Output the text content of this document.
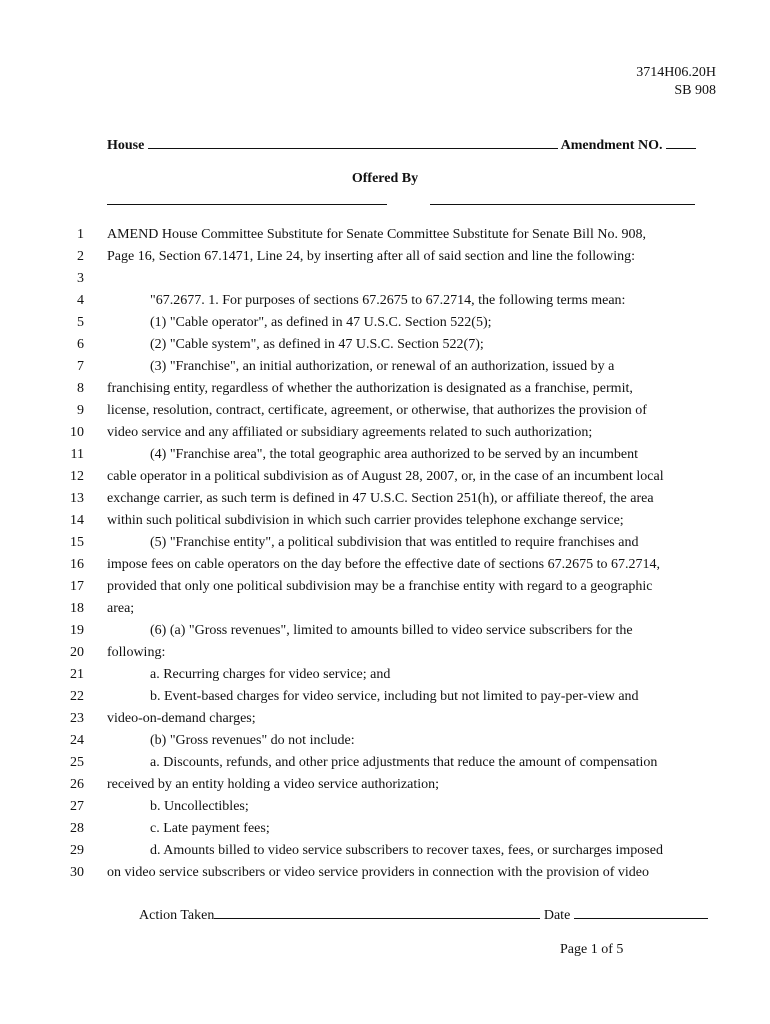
3714H06.20H
SB 908
House	Amendment NO.
Offered By
1 AMEND House Committee Substitute for Senate Committee Substitute for Senate Bill No. 908,
2 Page 16, Section 67.1471, Line 24, by inserting after all of said section and line the following:
3
4	"67.2677. 1. For purposes of sections 67.2675 to 67.2714, the following terms mean:
5	(1) "Cable operator", as defined in 47 U.S.C. Section 522(5);
6	(2) "Cable system", as defined in 47 U.S.C. Section 522(7);
7	(3) "Franchise", an initial authorization, or renewal of an authorization, issued by a
8 franchising entity, regardless of whether the authorization is designated as a franchise, permit,
9 license, resolution, contract, certificate, agreement, or otherwise, that authorizes the provision of
10 video service and any affiliated or subsidiary agreements related to such authorization;
11	(4) "Franchise area", the total geographic area authorized to be served by an incumbent
12 cable operator in a political subdivision as of August 28, 2007, or, in the case of an incumbent local
13 exchange carrier, as such term is defined in 47 U.S.C. Section 251(h), or affiliate thereof, the area
14 within such political subdivision in which such carrier provides telephone exchange service;
15	(5) "Franchise entity", a political subdivision that was entitled to require franchises and
16 impose fees on cable operators on the day before the effective date of sections 67.2675 to 67.2714,
17 provided that only one political subdivision may be a franchise entity with regard to a geographic
18 area;
19	(6) (a) "Gross revenues", limited to amounts billed to video service subscribers for the
20 following:
21	a. Recurring charges for video service; and
22	b. Event-based charges for video service, including but not limited to pay-per-view and
23 video-on-demand charges;
24	(b) "Gross revenues" do not include:
25	a. Discounts, refunds, and other price adjustments that reduce the amount of compensation
26 received by an entity holding a video service authorization;
27	b. Uncollectibles;
28	c. Late payment fees;
29	d. Amounts billed to video service subscribers to recover taxes, fees, or surcharges imposed
30 on video service subscribers or video service providers in connection with the provision of video
Action Taken	Date
Page 1 of 5
